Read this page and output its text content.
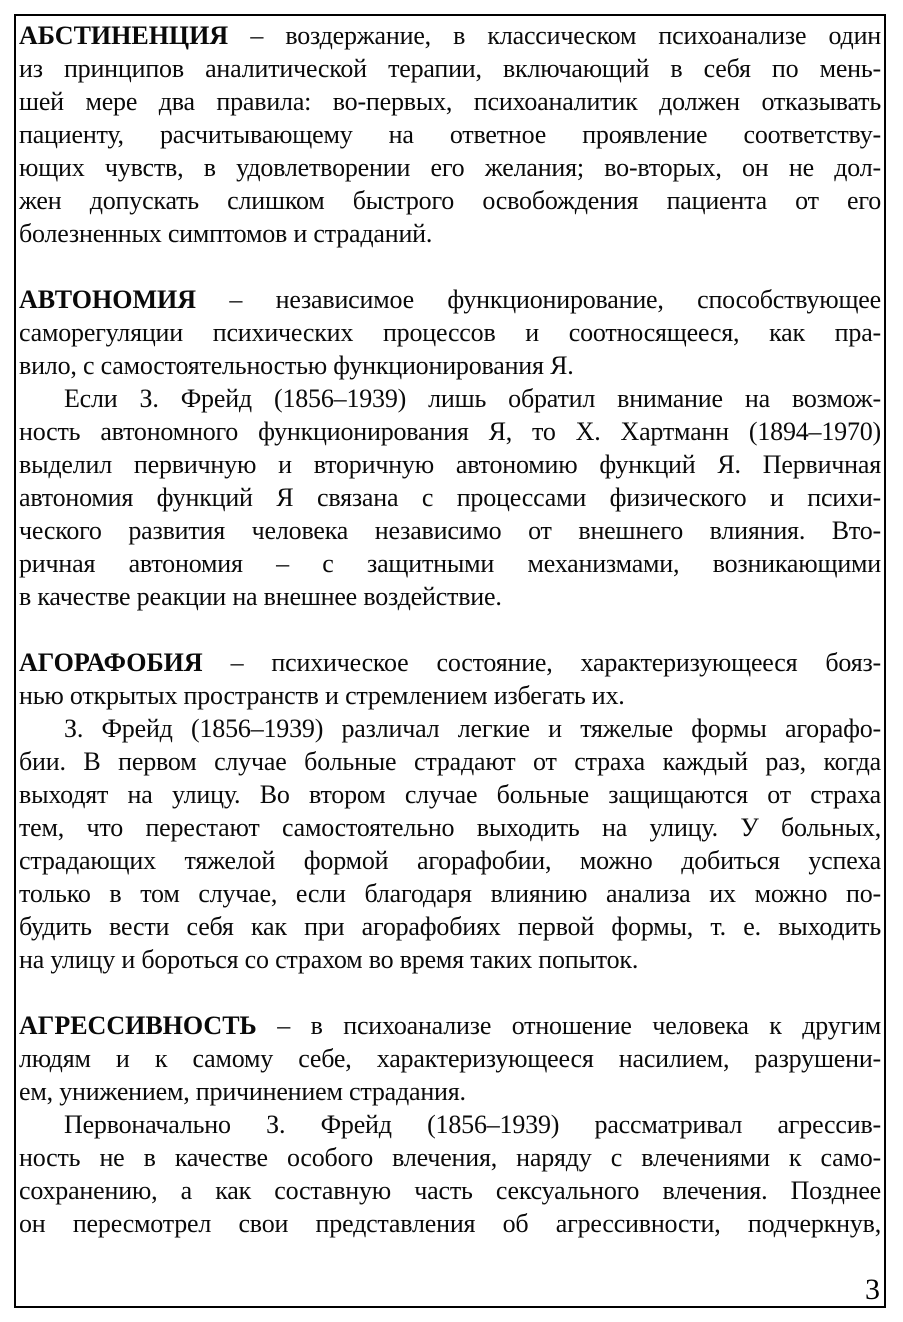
АБСТИНЕНЦИЯ – воздержание, в классическом психоанализе один
из принципов аналитической терапии, включающий в себя по мень-
шей мере два правила: во-первых, психоаналитик должен отказывать
пациенту, расчитывающему на ответное проявление соответству-
ющих чувств, в удовлетворении его желания; во-вторых, он не дол-
жен допускать слишком быстрого освобождения пациента от его
болезненных симптомов и страданий.
АВТОНОМИЯ – независимое функционирование, способствующее
саморегуляции психических процессов и соотносящееся, как пра-
вило, с самостоятельностью функционирования Я.
Если З. Фрейд (1856–1939) лишь обратил внимание на возмож-
ность автономного функционирования Я, то Х. Хартманн (1894–1970)
выделил первичную и вторичную автономию функций Я. Первичная
автономия функций Я связана с процессами физического и психи-
ческого развития человека независимо от внешнего влияния. Вто-
ричная автономия – с защитными механизмами, возникающими
в качестве реакции на внешнее воздействие.
АГОРАФОБИЯ – психическое состояние, характеризующееся бояз-
нью открытых пространств и стремлением избегать их.
З. Фрейд (1856–1939) различал легкие и тяжелые формы агорафо-
бии. В первом случае больные страдают от страха каждый раз, когда
выходят на улицу. Во втором случае больные защищаются от страха
тем, что перестают самостоятельно выходить на улицу. У больных,
страдающих тяжелой формой агорафобии, можно добиться успеха
только в том случае, если благодаря влиянию анализа их можно по-
будить вести себя как при агорафобиях первой формы, т. е. выходить
на улицу и бороться со страхом во время таких попыток.
АГРЕССИВНОСТЬ – в психоанализе отношение человека к другим
людям и к самому себе, характеризующееся насилием, разрушени-
ем, унижением, причинением страдания.
Первоначально З. Фрейд (1856–1939) рассматривал агрессив-
ность не в качестве особого влечения, наряду с влечениями к само-
сохранению, а как составную часть сексуального влечения. Позднее
он пересмотрел свои представления об агрессивности, подчеркнув,
3
